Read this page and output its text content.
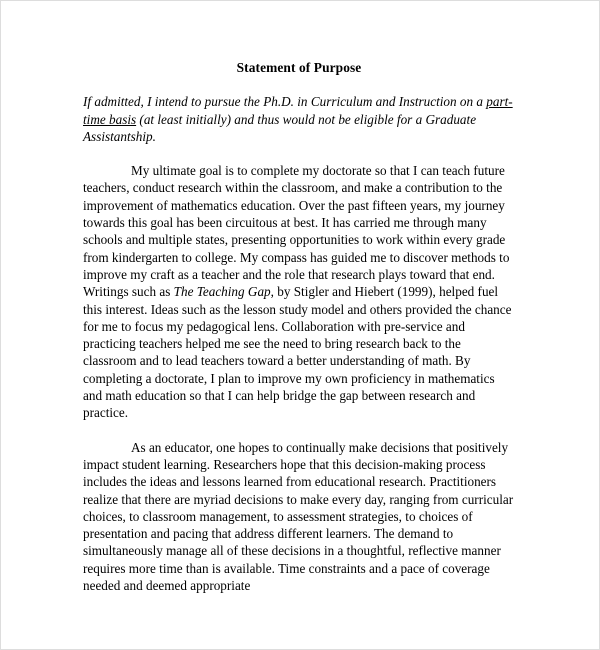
Statement of Purpose

If admitted, I intend to pursue the Ph.D. in Curriculum and Instruction on a part-time basis (at least initially) and thus would not be eligible for a Graduate Assistantship.

My ultimate goal is to complete my doctorate so that I can teach future teachers, conduct research within the classroom, and make a contribution to the improvement of mathematics education. Over the past fifteen years, my journey towards this goal has been circuitous at best. It has carried me through many schools and multiple states, presenting opportunities to work within every grade from kindergarten to college. My compass has guided me to discover methods to improve my craft as a teacher and the role that research plays toward that end. Writings such as The Teaching Gap, by Stigler and Hiebert (1999), helped fuel this interest. Ideas such as the lesson study model and others provided the chance for me to focus my pedagogical lens. Collaboration with pre-service and practicing teachers helped me see the need to bring research back to the classroom and to lead teachers toward a better understanding of math. By completing a doctorate, I plan to improve my own proficiency in mathematics and math education so that I can help bridge the gap between research and practice.

As an educator, one hopes to continually make decisions that positively impact student learning. Researchers hope that this decision-making process includes the ideas and lessons learned from educational research. Practitioners realize that there are myriad decisions to make every day, ranging from curricular choices, to classroom management, to assessment strategies, to choices of presentation and pacing that address different learners. The demand to simultaneously manage all of these decisions in a thoughtful, reflective manner requires more time than is available. Time constraints and a pace of coverage needed and deemed appropriate
